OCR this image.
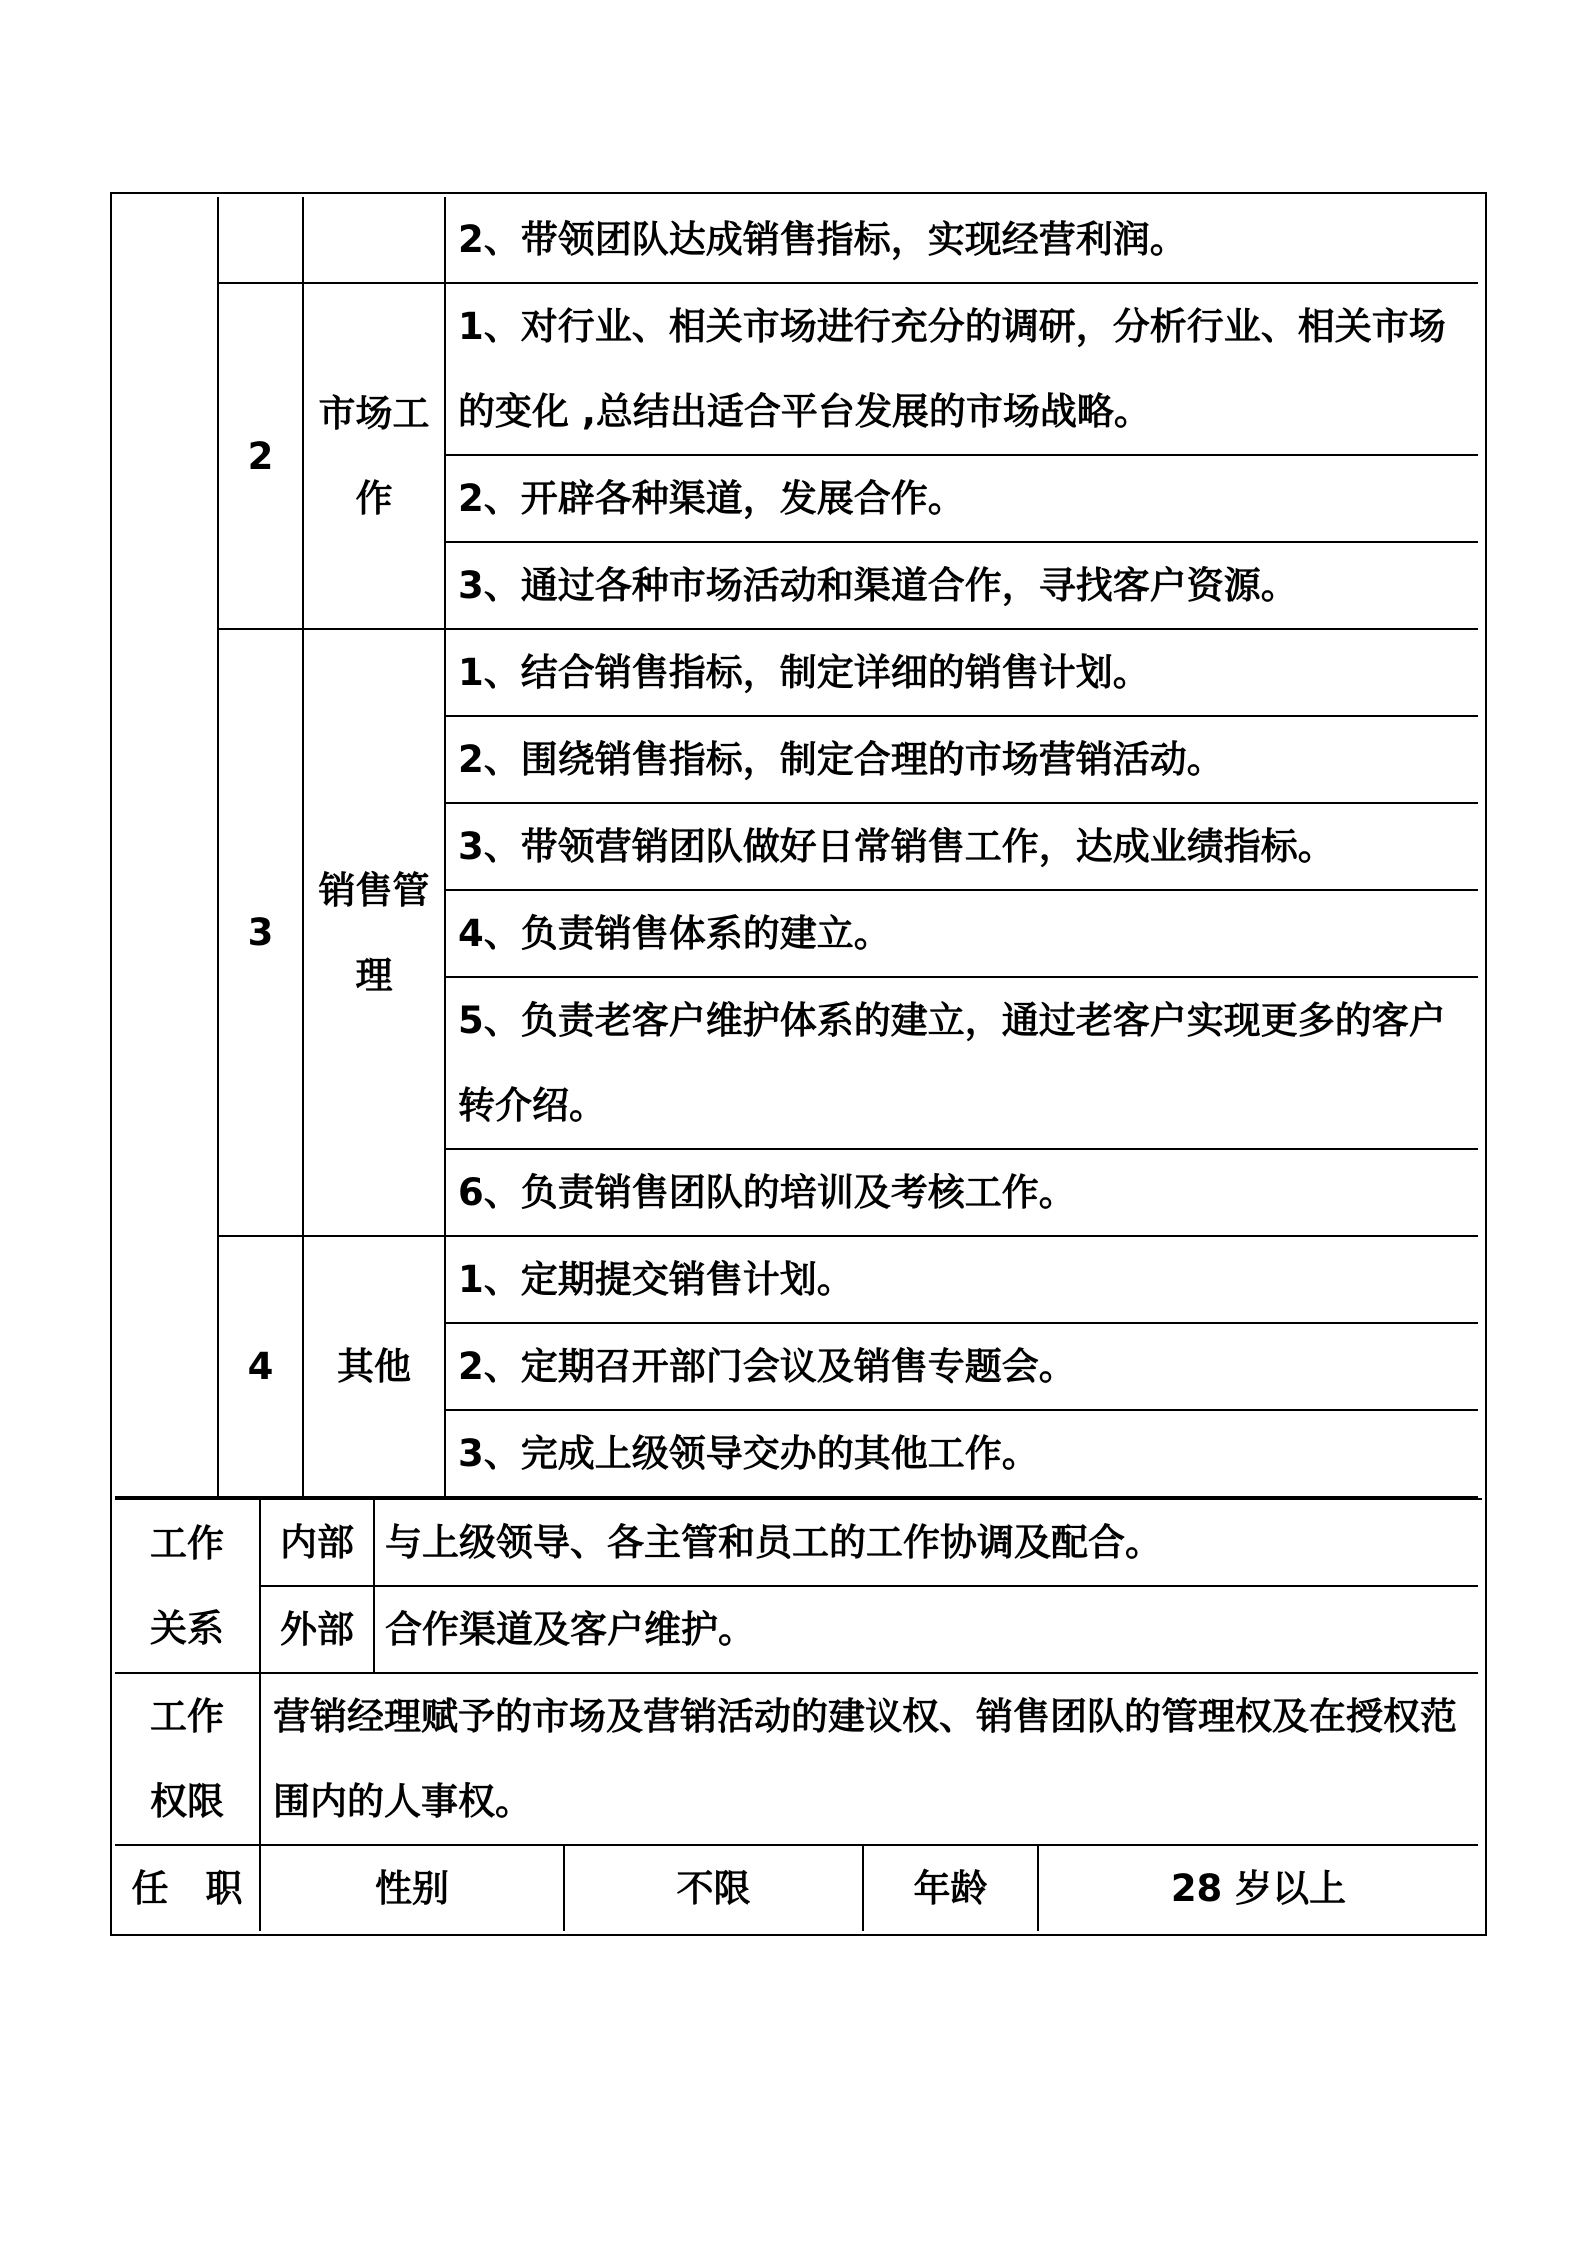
			2、带领团队达成销售指标，实现经营利润。
	2	市场工作	1、对行业、相关市场进行充分的调研，分析行业、相关市场的变化 ,总结出适合平台发展的市场战略。
			2、开辟各种渠道，发展合作。
			3、通过各种市场活动和渠道合作，寻找客户资源。
	3	销售管理	1、结合销售指标，制定详细的销售计划。
			2、围绕销售指标，制定合理的市场营销活动。
			3、带领营销团队做好日常销售工作，达成业绩指标。
			4、负责销售体系的建立。
			5、负责老客户维护体系的建立，通过老客户实现更多的客户转介绍。
			6、负责销售团队的培训及考核工作。
	4	其他	1、定期提交销售计划。
			2、定期召开部门会议及销售专题会。
			3、完成上级领导交办的其他工作。
工作
关系	内部	与上级领导、各主管和员工的工作协调及配合。			
	外部	合作渠道及客户维护。			

工作
权限	营销经理赋予的市场及营销活动的建议权、销售团队的管理权及在授权范围内的人事权。				
任　职	性别		不限	年龄	28 岁以上
